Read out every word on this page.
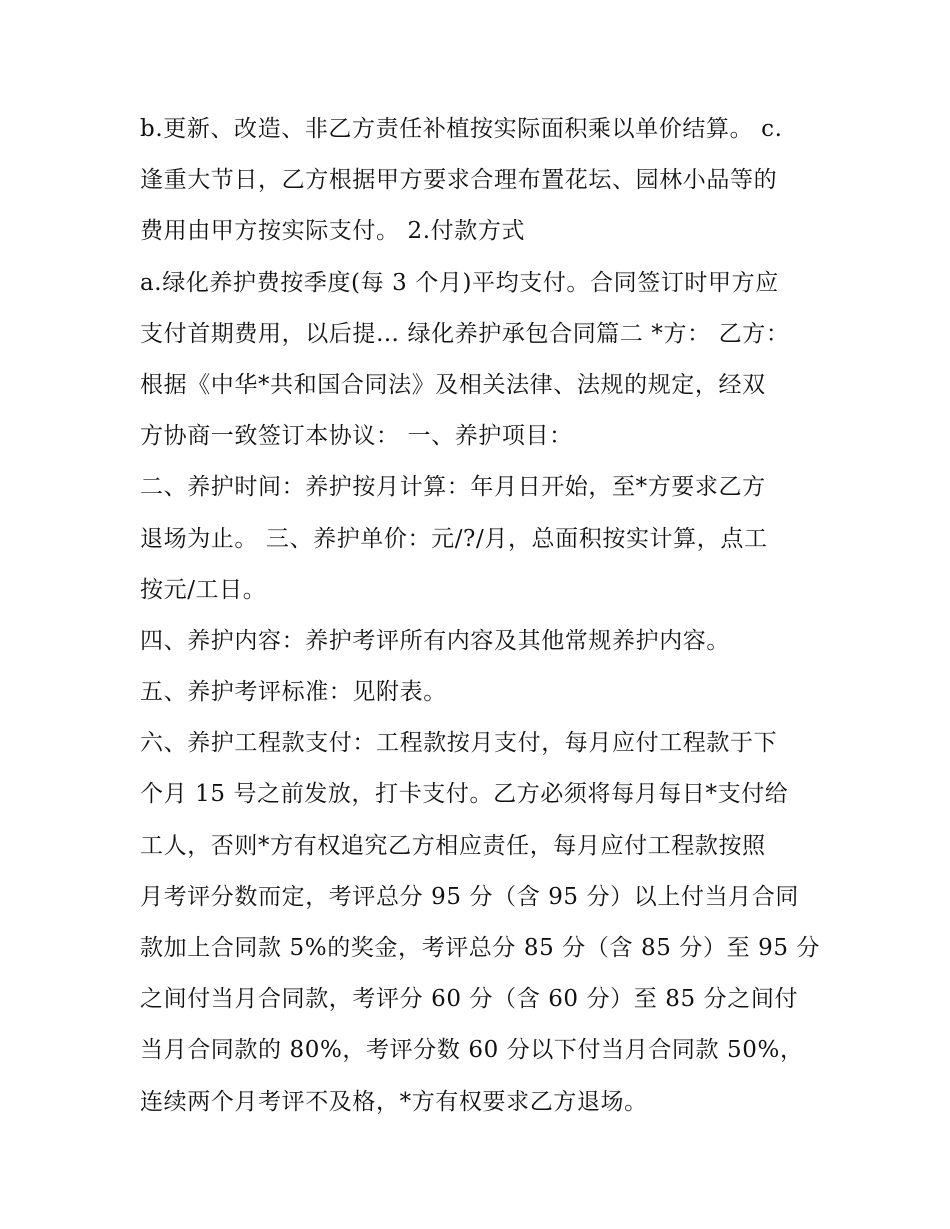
b.更新、改造、非乙方责任补植按实际面积乘以单价结算。 c.
逢重大节日，乙方根据甲方要求合理布置花坛、园林小品等的
费用由甲方按实际支付。 2.付款方式
a.绿化养护费按季度(每 3 个月)平均支付。合同签订时甲方应
支付首期费用，以后提… 绿化养护承包合同篇二 *方： 乙方：
根据《中华*共和国合同法》及相关法律、法规的规定，经双
方协商一致签订本协议： 一、养护项目：
二、养护时间：养护按月计算：年月日开始，至*方要求乙方
退场为止。 三、养护单价：元/?/月，总面积按实计算，点工
按元/工日。
四、养护内容：养护考评所有内容及其他常规养护内容。
五、养护考评标准：见附表。
六、养护工程款支付：工程款按月支付，每月应付工程款于下
个月 15 号之前发放，打卡支付。乙方必须将每月每日*支付给
工人，否则*方有权追究乙方相应责任，每月应付工程款按照
月考评分数而定，考评总分 95 分（含 95 分）以上付当月合同
款加上合同款 5%的奖金，考评总分 85 分（含 85 分）至 95 分
之间付当月合同款，考评分 60 分（含 60 分）至 85 分之间付
当月合同款的 80%，考评分数 60 分以下付当月合同款 50%，
连续两个月考评不及格，*方有权要求乙方退场。
